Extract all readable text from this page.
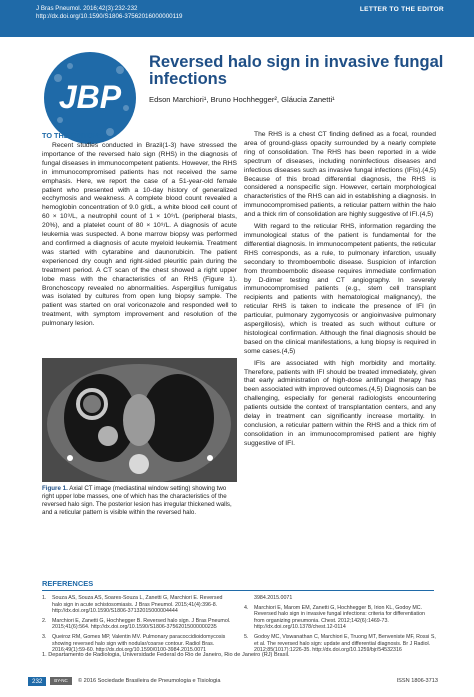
J Bras Pneumol. 2016;42(3):232-232
http://dx.doi.org/10.1590/S1806-37562016000000119
LETTER TO THE EDITOR
JBP
Reversed halo sign in invasive fungal infections
Edson Marchiori¹, Bruno Hochhegger², Gláucia Zanetti¹
TO THE EDITOR:

Recent studies conducted in Brazil(1-3) have stressed the importance of the reversed halo sign (RHS) in the diagnosis of fungal diseases in immunocompetent patients. However, the RHS in immunocompromised patients has not received the same emphasis. Here, we report the case of a 51-year-old female patient who presented with a 10-day history of generalized ecchymosis and weakness. A complete blood count revealed a hemoglobin concentration of 9.0 g/dL, a white blood cell count of 60 × 10⁹/L, a neutrophil count of 1 × 10⁹/L (peripheral blasts, 20%), and a platelet count of 80 × 10⁹/L. A diagnosis of acute leukemia was suspected. A bone marrow biopsy was performed and confirmed a diagnosis of acute myeloid leukemia. Treatment was started with cytarabine and daunorubicin. The patient experienced dry cough and right-sided pleuritic pain during the treatment period. A CT scan of the chest showed a right upper lobe mass with the characteristics of an RHS (Figure 1). Bronchoscopy revealed no abnormalities. Aspergillus fumigatus was isolated by cultures from open lung biopsy sample. The patient was started on oral voriconazole and responded well to treatment, with symptom improvement and resolution of the pulmonary lesion.

Figure 1. Axial CT image (mediastinal window setting) showing two right upper lobe masses, one of which has the characteristics of the reversed halo sign. The posterior lesion has irregular thickened walls, and a reticular pattern is visible within the reversed halo.

The RHS is a chest CT finding defined as a focal, rounded area of ground-glass opacity surrounded by a nearly complete ring of consolidation. The RHS has been reported in a wide spectrum of diseases, including noninfectious diseases and infectious diseases such as invasive fungal infections (IFIs).(4,5) Because of this broad differential diagnosis, the RHS is considered a nonspecific sign. However, certain morphological characteristics of the RHS can aid in establishing a diagnosis. In immunocompromised patients, a reticular pattern within the halo and a thick rim of consolidation are highly suggestive of IFI.(4,5)

With regard to the reticular RHS, information regarding the immunological status of the patient is fundamental for the differential diagnosis. In immunocompetent patients, the reticular RHS corresponds, as a rule, to pulmonary infarction, usually secondary to thromboembolic disease. Suspicion of infarction from thromboembolic disease requires immediate confirmation by D-dimer testing and CT angiography. In severely immunocompromised patients (e.g., stem cell transplant recipients and patients with hematological malignancy), the reticular RHS is taken to indicate the presence of IFI (in particular, pulmonary zygomycosis or angioinvasive pulmonary aspergillosis), which is treated as such without culture or histological confirmation. Although the final diagnosis should be based on the clinical manifestations, a lung biopsy is required in some cases.(4,5)

IFIs are associated with high morbidity and mortality. Therefore, patients with IFI should be treated immediately, given that early administration of high-dose antifungal therapy has been associated with improved outcomes.(4,5) Diagnosis can be challenging, especially for general radiologists encountering patients outside the context of transplantation centers, and any delay in treatment can significantly increase mortality. In conclusion, a reticular pattern within the RHS and a thick rim of consolidation in an immunocompromised patient are highly suggestive of IFI.

REFERENCES
1. Souza AS, Souza AS, Soares-Souza L, Zanetti G, Marchiori E. Reversed halo sign in acute schistosomiasis. J Bras Pneumol. 2015;41(4):396-8. http://dx.doi.org/10.1590/S1806-37132015000004444
2. Marchiori E, Zanetti G, Hochhegger B. Reversed halo sign. J Bras Pneumol. 2015;41(6):564. http://dx.doi.org/10.1590/S1806-37562015000000235
3. Queiroz RM, Gomes MP, Valentin MV. Pulmonary paracoccidioidomycosis showing reversed halo sign with nodular/coarse contour. Radiol Bras. 2016;49(1):59-60. http://dx.doi.org/10.1590/0100-3984.2015.0071
3984.2015.0071
4. Marchiori E, Marom EM, Zanetti G, Hochhegger B, Irion KL, Godoy MC. Reversed halo sign in invasive fungal infections: criteria for differentiation from organizing pneumonia. Chest. 2012;142(6):1469-73. http://dx.doi.org/10.1378/chest.12-0114
5. Godoy MC, Viswanathan C, Marchiori E, Truong MT, Benveniste MF, Rossi S, et al. The reversed halo sign: update and differential diagnosis. Br J Radiol. 2012;85(1017):1226-35. http://dx.doi.org/10.1259/bjr/54532316
1. Departamento de Radiologia, Universidade Federal do Rio de Janeiro, Rio de Janeiro (RJ) Brasil.
232	BY-NC	© 2016 Sociedade Brasileira de Pneumologia e Tisiologia	ISSN 1806-3713
